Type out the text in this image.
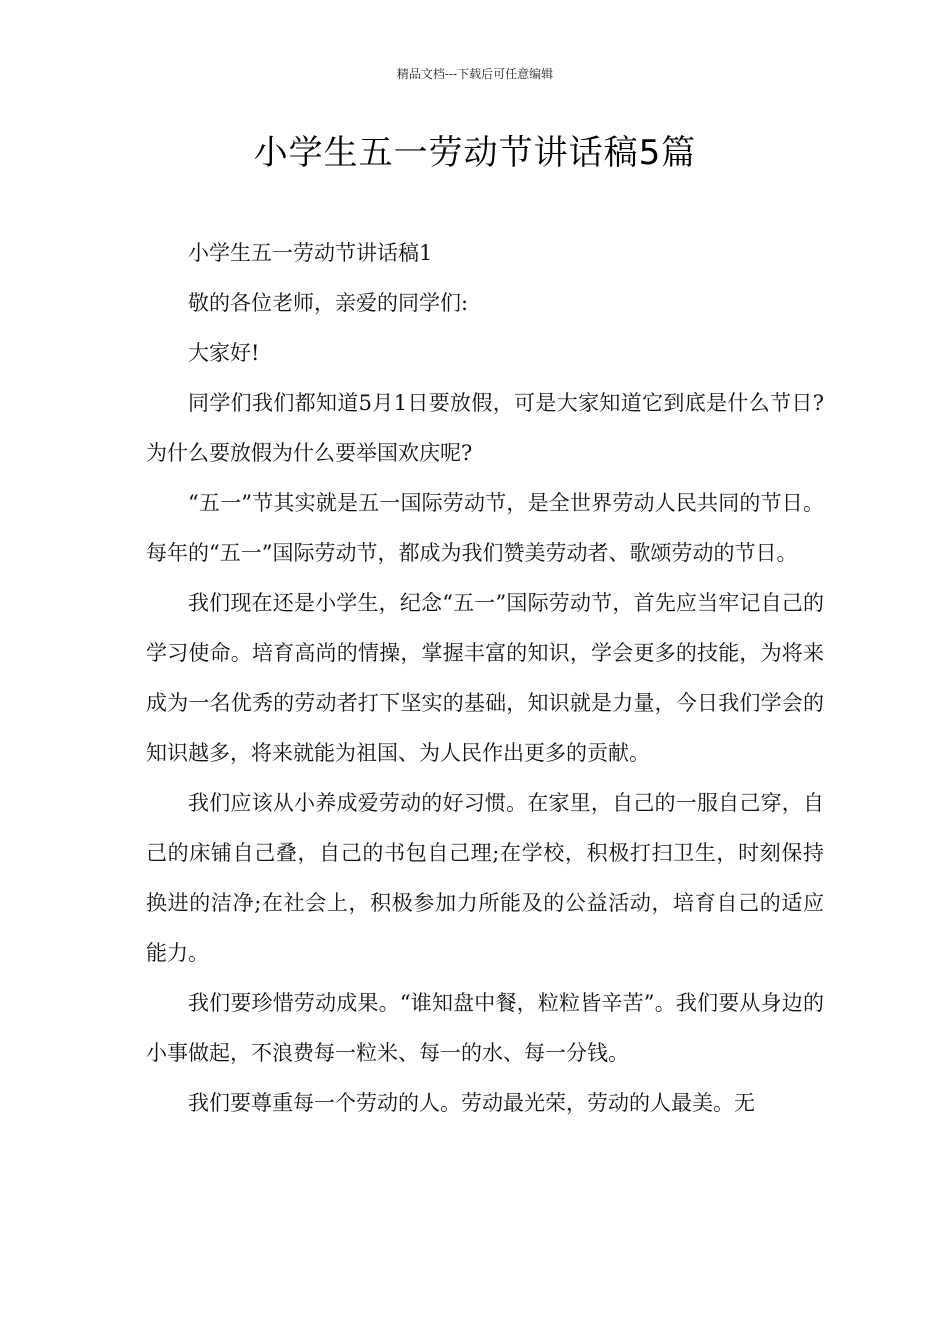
精品文档---下载后可任意编辑
小学生五一劳动节讲话稿5篇

小学生五一劳动节讲话稿1

敬的各位老师，亲爱的同学们:

大家好!

同学们我们都知道5月1日要放假，可是大家知道它到底是什么节日?为什么要放假为什么要举国欢庆呢?

“五一”节其实就是五一国际劳动节，是全世界劳动人民共同的节日。每年的“五一”国际劳动节，都成为我们赞美劳动者、歌颂劳动的节日。

我们现在还是小学生，纪念“五一”国际劳动节，首先应当牢记自己的学习使命。培育高尚的情操，掌握丰富的知识，学会更多的技能，为将来成为一名优秀的劳动者打下坚实的基础，知识就是力量，今日我们学会的知识越多，将来就能为祖国、为人民作出更多的贡献。

我们应该从小养成爱劳动的好习惯。在家里，自己的一服自己穿，自己的床铺自己叠，自己的书包自己理;在学校，积极打扫卫生，时刻保持换进的洁净;在社会上，积极参加力所能及的公益活动，培育自己的适应能力。

我们要珍惜劳动成果。“谁知盘中餐，粒粒皆辛苦”。我们要从身边的小事做起，不浪费每一粒米、每一的水、每一分钱。

我们要尊重每一个劳动的人。劳动最光荣，劳动的人最美。无
